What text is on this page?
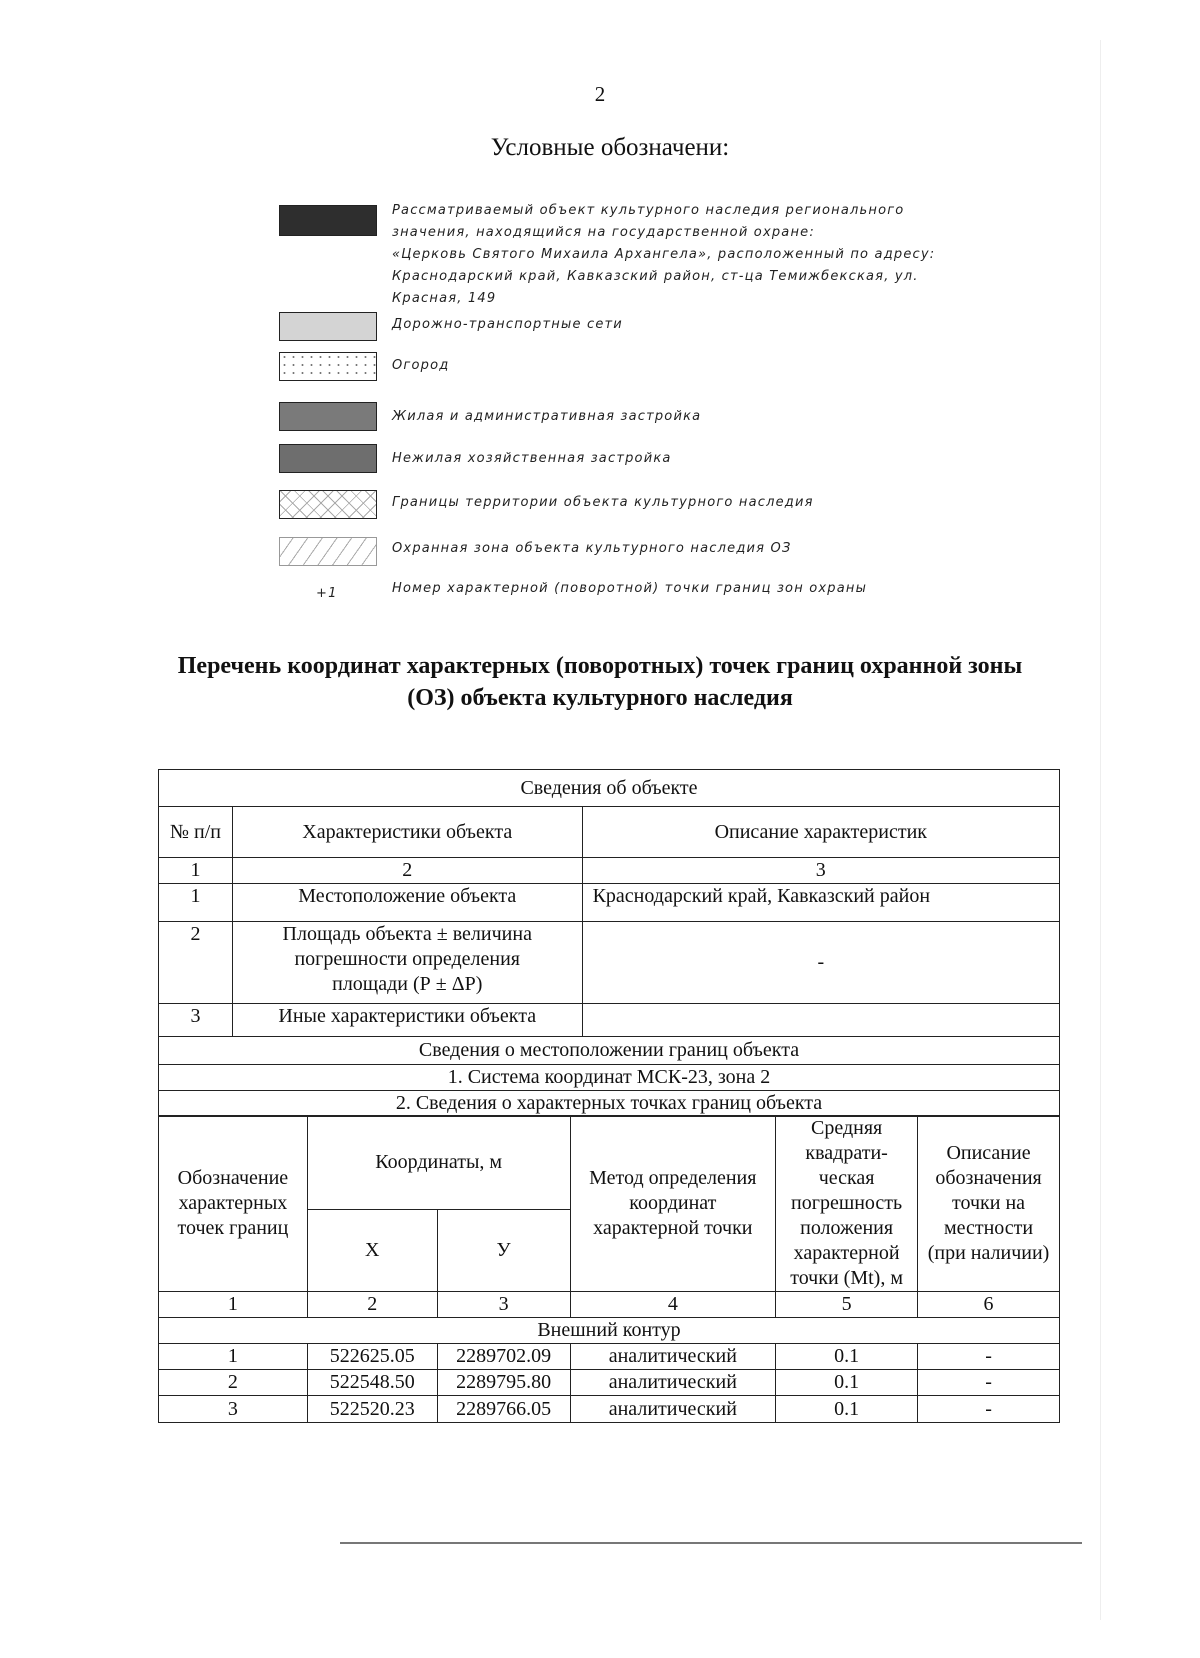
2
Условные обозначени:
Рассматриваемый объект культурного наследия регионального
значения, находящийся на государственной охране:
«Церковь Святого Михаила Архангела», расположенный по адресу:
Краснодарский край, Кавказский район, ст-ца Темижбекская, ул.
Красная, 149
Дорожно-транспортные сети
Огород
Жилая и административная застройка
Нежилая хозяйственная застройка
Границы территории объекта культурного наследия
Охранная зона объекта культурного наследия ОЗ
+1	Номер характерной (поворотной) точки границ зон охраны
Перечень координат характерных (поворотных) точек границ охранной зоны (ОЗ) объекта культурного наследия
Сведения об объекте		
№ п/п	Характеристики объекта	Описание характеристик
1	2	3
1	Местоположение объекта	Краснодарский край, Кавказский район
2	Площадь объекта ± величина погрешности определения площади (Р ± ΔР)	-
3	Иные характеристики объекта	
Сведения о местоположении границ объекта		
1. Система координат МСК-23, зона 2		
2. Сведения о характерных точках границ объекта		
Обозначение характерных точек границ	Координаты, м		Метод определения координат характерной точки	Средняя квадрати-ческая погрешность положения характерной точки (Mt), м	Описание обозначения точки на местности (при наличии)
	X	У			
1	2	3	4	5	6
Внешний контур					
1	522625.05	2289702.09	аналитический	0.1	-
2	522548.50	2289795.80	аналитический	0.1	-
3	522520.23	2289766.05	аналитический	0.1	-
